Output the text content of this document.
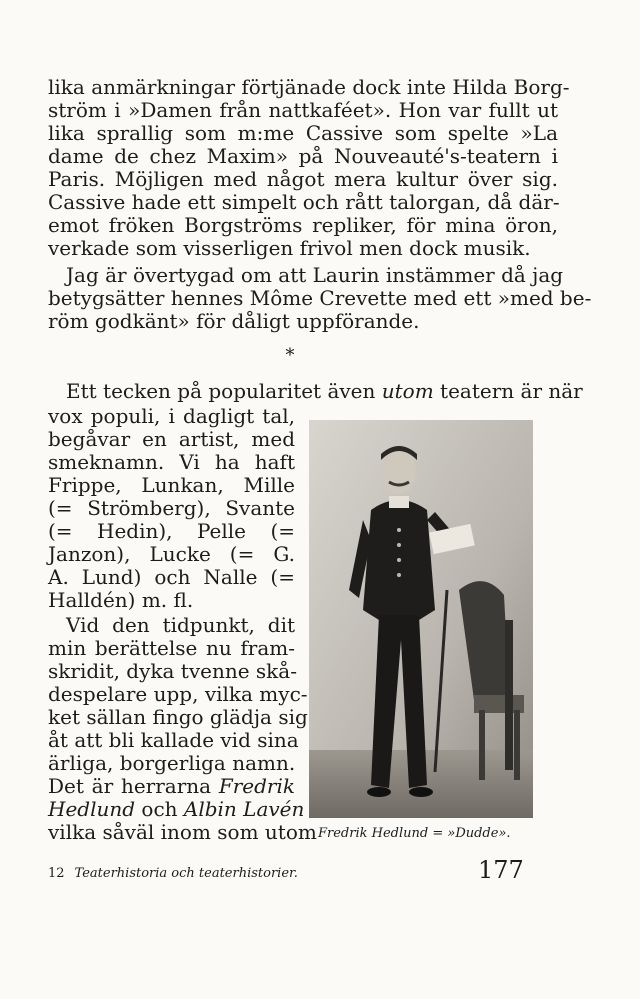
lika anmärkningar förtjänade dock inte Hilda Borg-
ström i »Damen från nattkaféet». Hon var fullt ut
lika sprallig som m:me Cassive som spelte »La
dame de chez Maxim» på Nouveauté's-teatern i
Paris. Möjligen med något mera kultur över sig.
Cassive hade ett simpelt och rått talorgan, då där-
emot fröken Borgströms repliker, för mina öron,
verkade som visserligen frivol men dock musik.
Jag är övertygad om att Laurin instämmer då jag
betygsätter hennes Môme Crevette med ett »med be-
röm godkänt» för dåligt uppförande.
*
Ett tecken på popularitet även utom teatern är när
vox populi, i dagligt tal,
begåvar en artist, med
smeknamn. Vi ha haft
Frippe, Lunkan, Mille
(= Strömberg), Svante
(= Hedin), Pelle (=
Janzon), Lucke (= G.
A. Lund) och Nalle (=
Halldén) m. fl.
Vid den tidpunkt, dit
min berättelse nu fram-
skridit, dyka tvenne skå-
despelare upp, vilka myc-
ket sällan fingo glädja sig
åt att bli kallade vid sina
ärliga, borgerliga namn.
Det är herrarna Fredrik
Hedlund och Albin Lavén
vilka såväl inom som utom Fredrik Hedlund = »Dudde».
12 Teaterhistoria och teaterhistorier.	177
